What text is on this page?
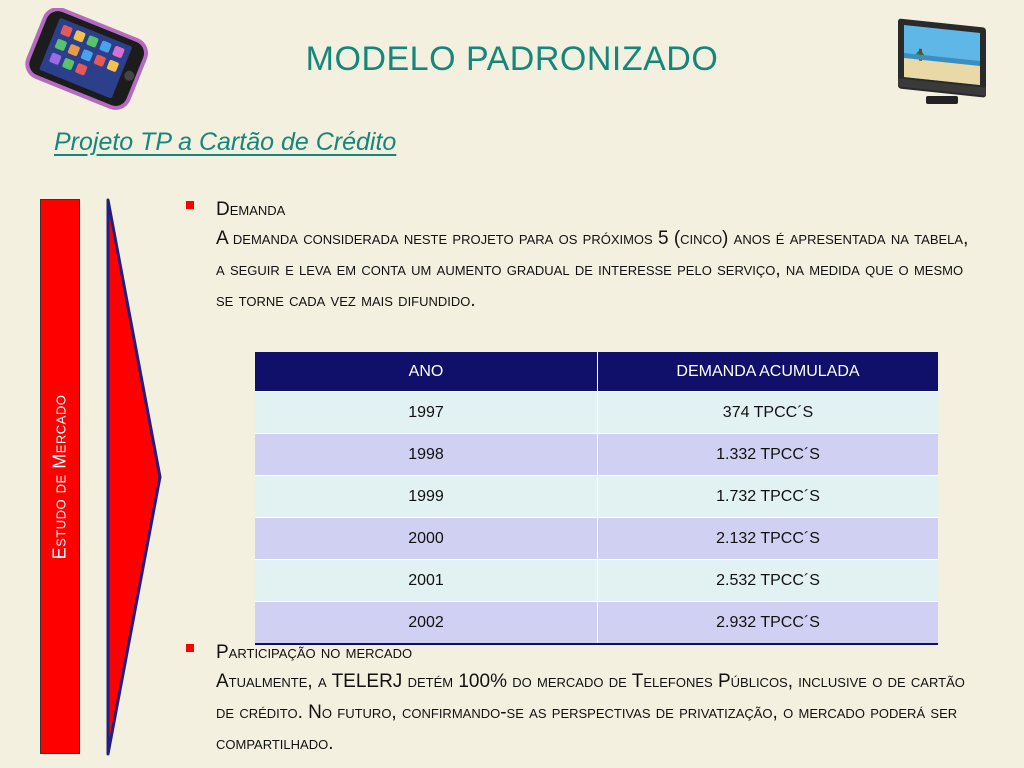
MODELO PADRONIZADO
Projeto TP a Cartão de Crédito
Estudo de Mercado
Demanda
A demanda considerada neste projeto para os próximos 5 (cinco) anos é apresentada na tabela, a seguir e leva em conta um aumento gradual de interesse pelo serviço, na medida que o mesmo se torne cada vez mais difundido.
ANO	DEMANDA ACUMULADA
1997	374 TPCC´S
1998	1.332 TPCC´S
1999	1.732 TPCC´S
2000	2.132 TPCC´S
2001	2.532 TPCC´S
2002	2.932 TPCC´S
Participação no mercado
Atualmente, a TELERJ detém 100% do mercado de Telefones Públicos, inclusive o de cartão de crédito. No futuro, confirmando-se as perspectivas de privatização, o mercado poderá ser compartilhado.
